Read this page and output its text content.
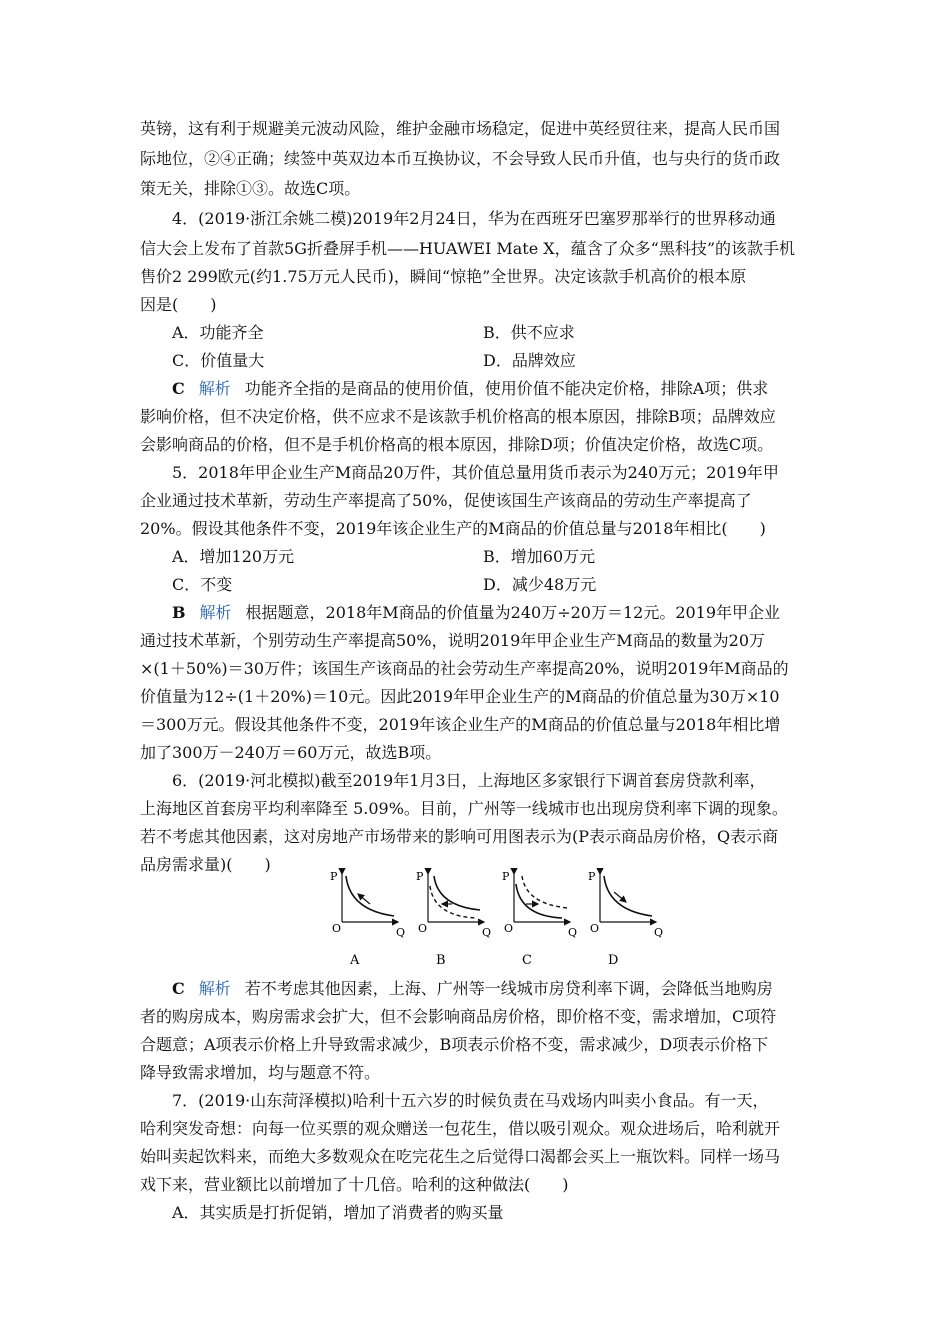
英镑，这有利于规避美元波动风险，维护金融市场稳定，促进中英经贸往来，提高人民币国
际地位，②④正确；续签中英双边本币互换协议，不会导致人民币升值，也与央行的货币政
策无关，排除①③。故选C项。
4．(2019·浙江余姚二模)2019年2月24日，华为在西班牙巴塞罗那举行的世界移动通
信大会上发布了首款5G折叠屏手机——HUAWEI Mate X，蕴含了众多“黑科技”的该款手机
售价2 299欧元(约1.75万元人民币)，瞬间“惊艳”全世界。决定该款手机高价的根本原
因是(　　)
A．功能齐全	B．供不应求
C．价值量大	D．品牌效应
C 解析 功能齐全指的是商品的使用价值，使用价值不能决定价格，排除A项；供求
影响价格，但不决定价格，供不应求不是该款手机价格高的根本原因，排除B项；品牌效应
会影响商品的价格，但不是手机价格高的根本原因，排除D项；价值决定价格，故选C项。
5．2018年甲企业生产M商品20万件，其价值总量用货币表示为240万元；2019年甲
企业通过技术革新，劳动生产率提高了50%，促使该国生产该商品的劳动生产率提高了
20%。假设其他条件不变，2019年该企业生产的M商品的价值总量与2018年相比(　　)
A．增加120万元	B．增加60万元
C．不变	D．减少48万元
B 解析 根据题意，2018年M商品的价值量为240万÷20万＝12元。2019年甲企业
通过技术革新，个别劳动生产率提高50%，说明2019年甲企业生产M商品的数量为20万
×(1＋50%)＝30万件；该国生产该商品的社会劳动生产率提高20%，说明2019年M商品的
价值量为12÷(1＋20%)＝10元。因此2019年甲企业生产的M商品的价值总量为30万×10
＝300万元。假设其他条件不变，2019年该企业生产的M商品的价值总量与2018年相比增
加了300万－240万＝60万元，故选B项。
6．(2019·河北模拟)截至2019年1月3日，上海地区多家银行下调首套房贷款利率，
上海地区首套房平均利率降至 5.09%。目前，广州等一线城市也出现房贷利率下调的现象。
若不考虑其他因素，这对房地产市场带来的影响可用图表示为(P表示商品房价格，Q表示商
品房需求量)(　　)
P
O	Q
A
P
O	Q
B
P
O	Q
C
P
O	Q
D
C 解析 若不考虑其他因素，上海、广州等一线城市房贷利率下调，会降低当地购房
者的购房成本，购房需求会扩大，但不会影响商品房价格，即价格不变，需求增加，C项符
合题意；A项表示价格上升导致需求减少，B项表示价格不变，需求减少，D项表示价格下
降导致需求增加，均与题意不符。
7．(2019·山东菏泽模拟)哈利十五六岁的时候负责在马戏场内叫卖小食品。有一天，
哈利突发奇想：向每一位买票的观众赠送一包花生，借以吸引观众。观众进场后，哈利就开
始叫卖起饮料来，而绝大多数观众在吃完花生之后觉得口渴都会买上一瓶饮料。同样一场马
戏下来，营业额比以前增加了十几倍。哈利的这种做法(　　)
A．其实质是打折促销，增加了消费者的购买量
